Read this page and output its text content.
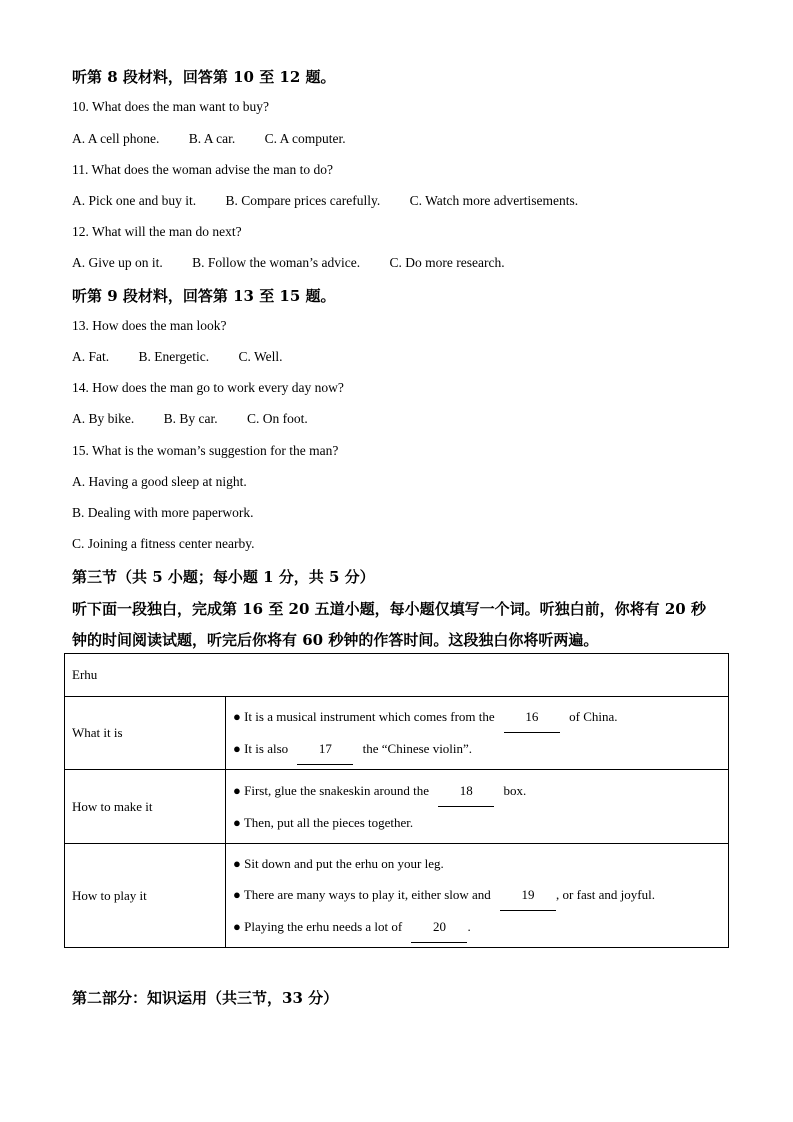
听第 8 段材料，回答第 10 至 12 题。
10. What does the man want to buy?
A. A cell phone. B. A car. C. A computer.
11. What does the woman advise the man to do?
A. Pick one and buy it. B. Compare prices carefully. C. Watch more advertisements.
12. What will the man do next?
A. Give up on it. B. Follow the woman’s advice. C. Do more research.
听第 9 段材料，回答第 13 至 15 题。
13. How does the man look?
A. Fat. B. Energetic. C. Well.
14. How does the man go to work every day now?
A. By bike. B. By car. C. On foot.
15. What is the woman’s suggestion for the man?
A. Having a good sleep at night.
B. Dealing with more paperwork.
C. Joining a fitness center nearby.
第三节（共 5 小题；每小题 1 分，共 5 分）
听下面一段独白，完成第 16 至 20 五道小题，每小题仅填写一个词。听独白前，你将有 20 秒
钟的时间阅读试题，听完后你将有 60 秒钟的作答时间。这段独白你将听两遍。
Erhu	
What it is	● It is a musical instrument which comes from the 16 of China.
● It is also 17 the “Chinese violin”.

How to make it	● First, glue the snakeskin around the 18 box.
● Then, put all the pieces together.

How to play it	● Sit down and put the erhu on your leg.
● There are many ways to play it, either slow and 19 , or fast and joyful.
● Playing the erhu needs a lot of 20 .
第二部分：知识运用（共三节，33 分）
